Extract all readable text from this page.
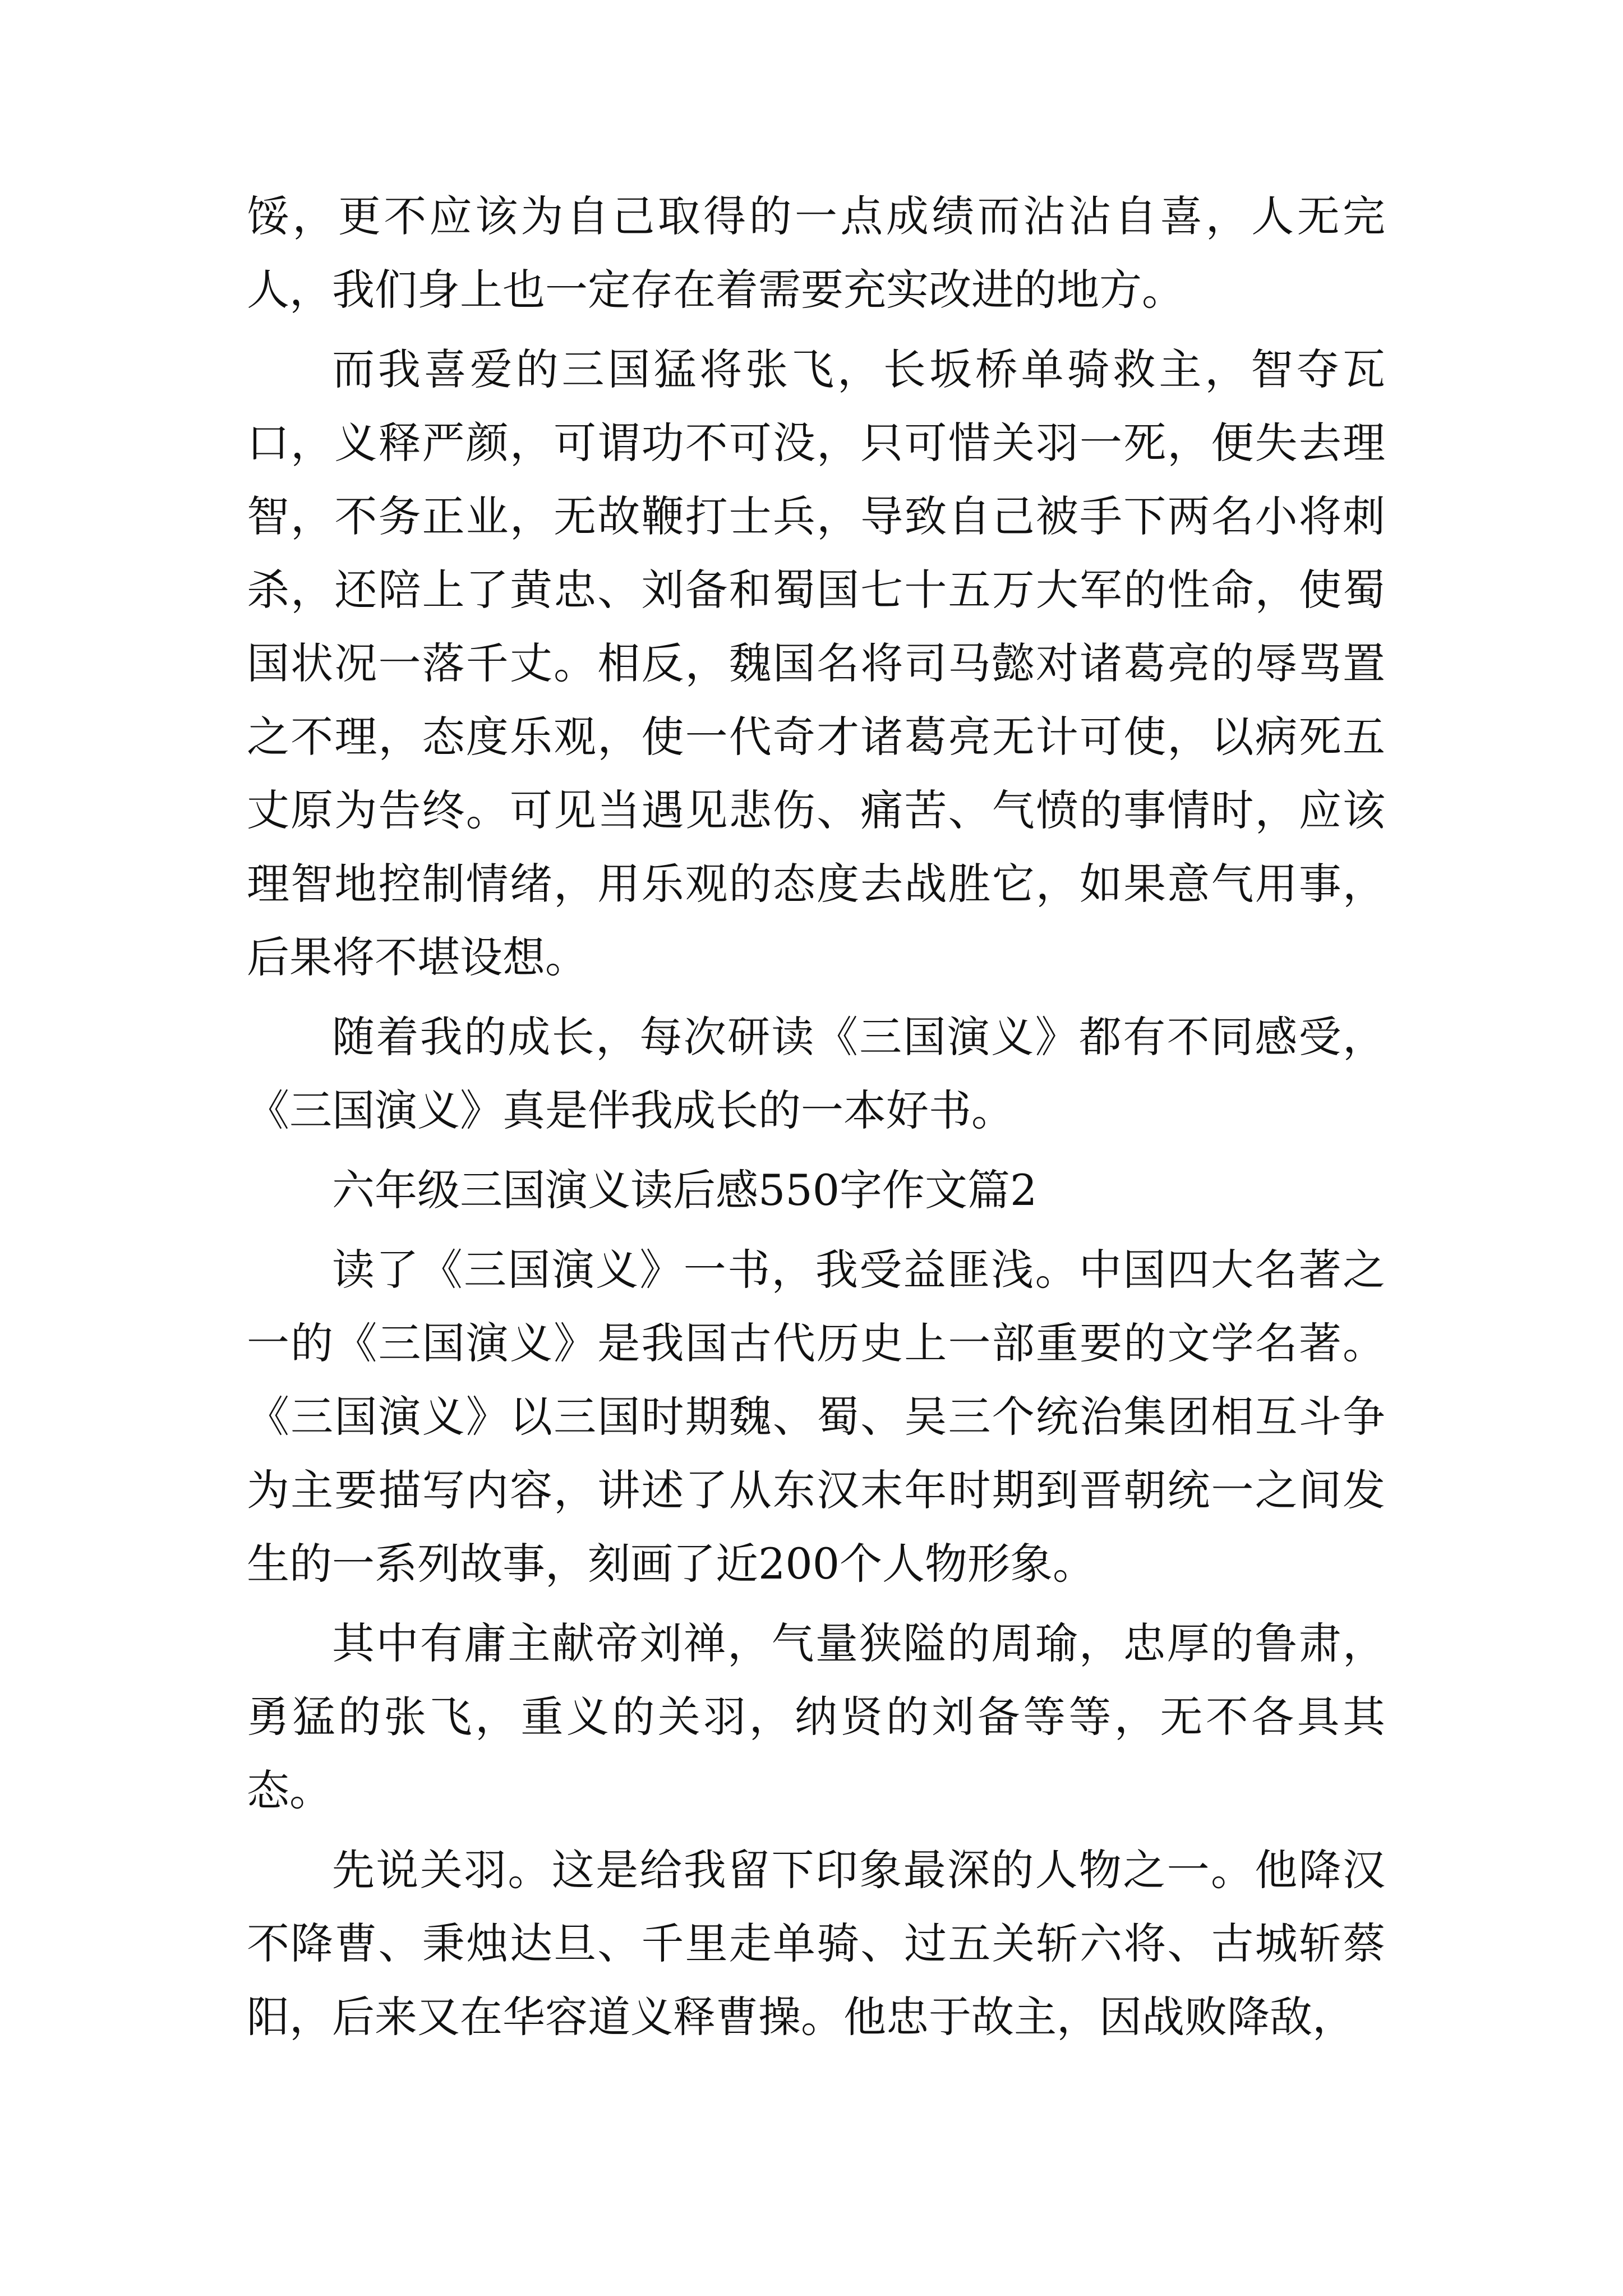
馁，更不应该为自己取得的一点成绩而沾沾自喜，人无完人，我们身上也一定存在着需要充实改进的地方。

而我喜爱的三国猛将张飞，长坂桥单骑救主，智夺瓦口，义释严颜，可谓功不可没，只可惜关羽一死，便失去理智，不务正业，无故鞭打士兵，导致自己被手下两名小将刺杀，还陪上了黄忠、刘备和蜀国七十五万大军的性命，使蜀国状况一落千丈。相反，魏国名将司马懿对诸葛亮的辱骂置之不理，态度乐观，使一代奇才诸葛亮无计可使，以病死五丈原为告终。可见当遇见悲伤、痛苦、气愤的事情时，应该理智地控制情绪，用乐观的态度去战胜它，如果意气用事，后果将不堪设想。

随着我的成长，每次研读《三国演义》都有不同感受，《三国演义》真是伴我成长的一本好书。

六年级三国演义读后感550字作文篇2

读了《三国演义》一书，我受益匪浅。中国四大名著之一的《三国演义》是我国古代历史上一部重要的文学名著。《三国演义》以三国时期魏、蜀、吴三个统治集团相互斗争为主要描写内容，讲述了从东汉末年时期到晋朝统一之间发生的一系列故事，刻画了近200个人物形象。

其中有庸主献帝刘禅，气量狭隘的周瑜，忠厚的鲁肃，勇猛的张飞，重义的关羽，纳贤的刘备等等，无不各具其态。

先说关羽。这是给我留下印象最深的人物之一。他降汉不降曹、秉烛达旦、千里走单骑、过五关斩六将、古城斩蔡阳，后来又在华容道义释曹操。他忠于故主，因战败降敌，
